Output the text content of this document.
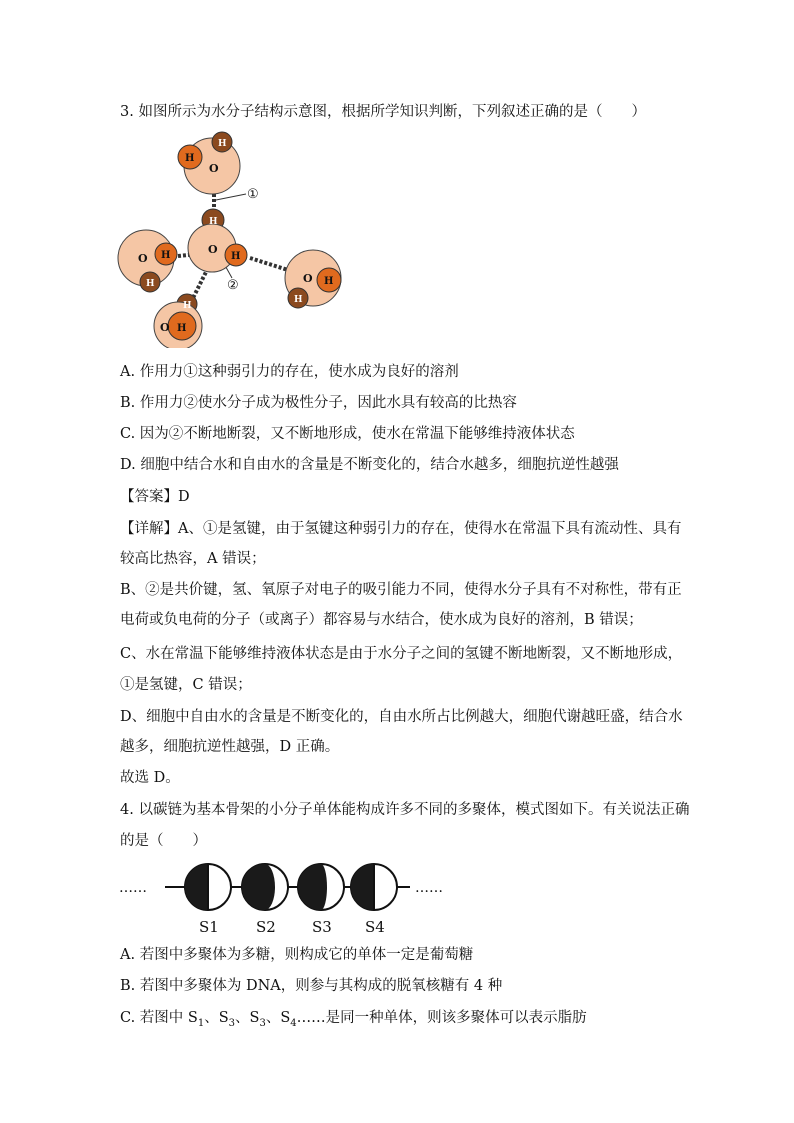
3. 如图所示为水分子结构示意图，根据所学知识判断，下列叙述正确的是（　　）
H
H
O
H
O
H
O H
H	O H
H
H
O H
①
②
A. 作用力①这种弱引力的存在，使水成为良好的溶剂
B. 作用力②使水分子成为极性分子，因此水具有较高的比热容
C. 因为②不断地断裂，又不断地形成，使水在常温下能够维持液体状态
D. 细胞中结合水和自由水的含量是不断变化的，结合水越多，细胞抗逆性越强
【答案】D
【详解】A、①是氢键，由于氢键这种弱引力的存在，使得水在常温下具有流动性、具有
较高比热容，A 错误；
B、②是共价键，氢、氧原子对电子的吸引能力不同，使得水分子具有不对称性，带有正
电荷或负电荷的分子（或离子）都容易与水结合，使水成为良好的溶剂，B 错误；
C、水在常温下能够维持液体状态是由于水分子之间的氢键不断地断裂，又不断地形成，
①是氢键，C 错误；
D、细胞中自由水的含量是不断变化的，自由水所占比例越大，细胞代谢越旺盛，结合水
越多，细胞抗逆性越强，D 正确。
故选 D。
4. 以碳链为基本骨架的小分子单体能构成许多不同的多聚体，模式图如下。有关说法正确
的是（　　）
……	……
S1 S2 S3 S4
A. 若图中多聚体为多糖，则构成它的单体一定是葡萄糖
B. 若图中多聚体为 DNA，则参与其构成的脱氧核糖有 4 种
C. 若图中 $S_1$、$S_3$、$S_3$、$S_4\dots\dots$是同一种单体，则该多聚体可以表示脂肪
